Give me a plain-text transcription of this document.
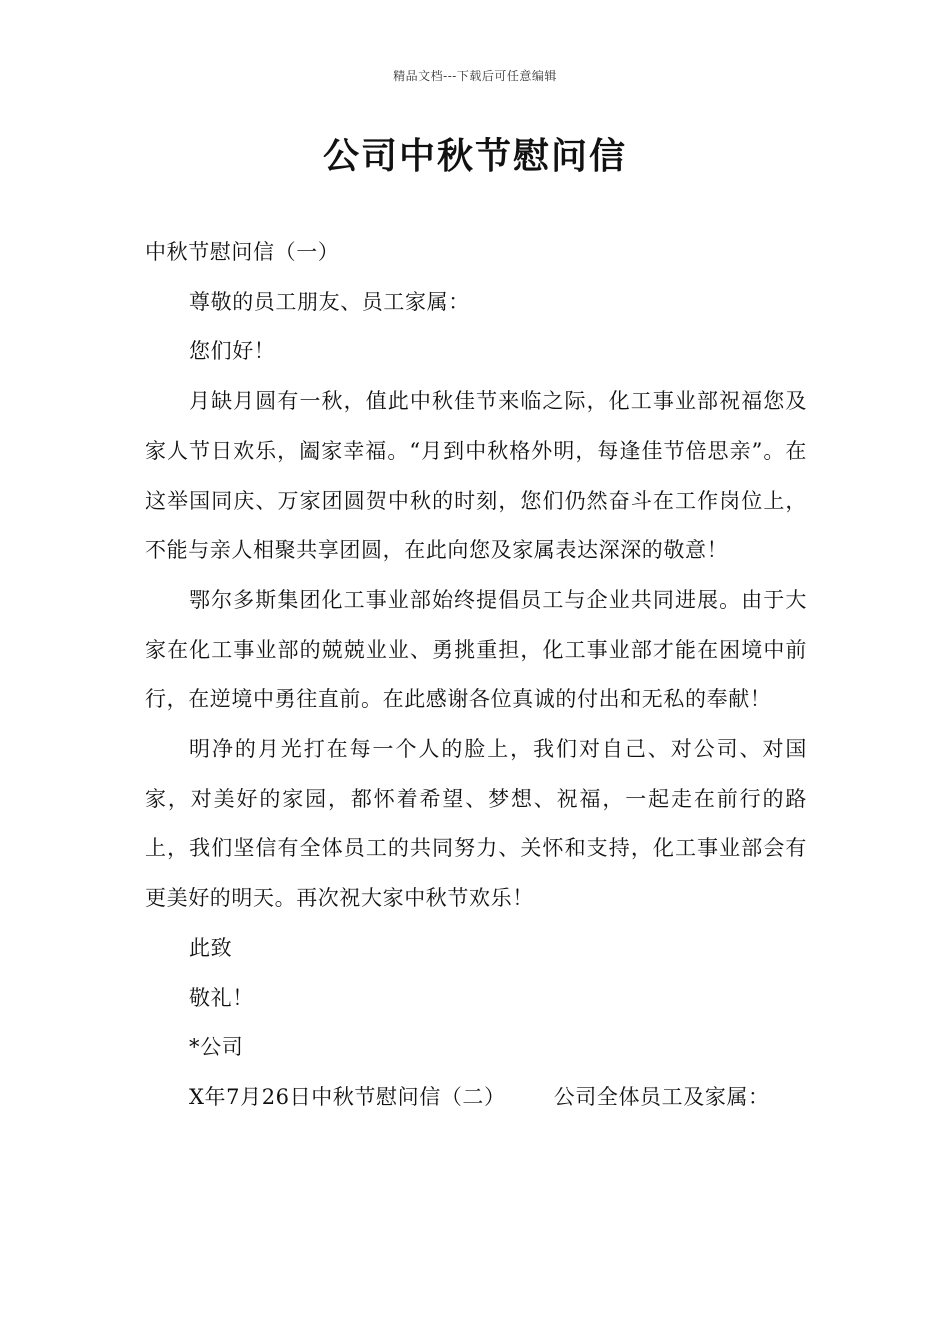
精品文档---下载后可任意编辑
公司中秋节慰问信

中秋节慰问信（一）

尊敬的员工朋友、员工家属：

您们好！

月缺月圆有一秋，值此中秋佳节来临之际，化工事业部祝福您及家人节日欢乐，阖家幸福。“月到中秋格外明，每逢佳节倍思亲”。在这举国同庆、万家团圆贺中秋的时刻，您们仍然奋斗在工作岗位上，不能与亲人相聚共享团圆，在此向您及家属表达深深的敬意！

鄂尔多斯集团化工事业部始终提倡员工与企业共同进展。由于大家在化工事业部的兢兢业业、勇挑重担，化工事业部才能在困境中前行，在逆境中勇往直前。在此感谢各位真诚的付出和无私的奉献！

明净的月光打在每一个人的脸上，我们对自己、对公司、对国家，对美好的家园，都怀着希望、梦想、祝福，一起走在前行的路上，我们坚信有全体员工的共同努力、关怀和支持，化工事业部会有更美好的明天。再次祝大家中秋节欢乐！

此致

敬礼！

*公司

X年7月26日中秋节慰问信（二） 公司全体员工及家属：
